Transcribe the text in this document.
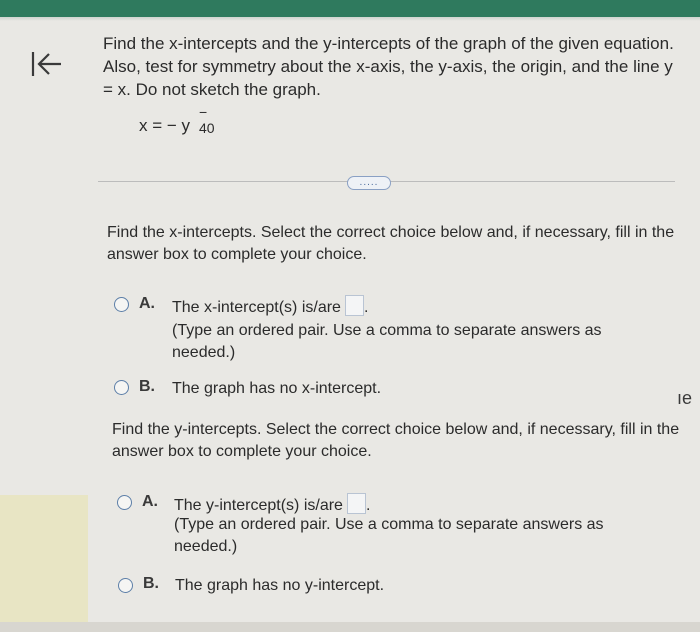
Find the x-intercepts and the y-intercepts of the graph of the given equation. Also, test for symmetry about the x-axis, the y-axis, the origin, and the line y = x. Do not sketch the graph.
x = − y
− 40
.....
Find the x-intercepts. Select the correct choice below and, if necessary, fill in the answer box to complete your choice.
A. The x-intercept(s) is/are .
(Type an ordered pair. Use a comma to separate answers as needed.)
B. The graph has no x-intercept.
Find the y-intercepts. Select the correct choice below and, if necessary, fill in the answer box to complete your choice.
A. The y-intercept(s) is/are .
(Type an ordered pair. Use a comma to separate answers as needed.)
B. The graph has no y-intercept.
ıe
